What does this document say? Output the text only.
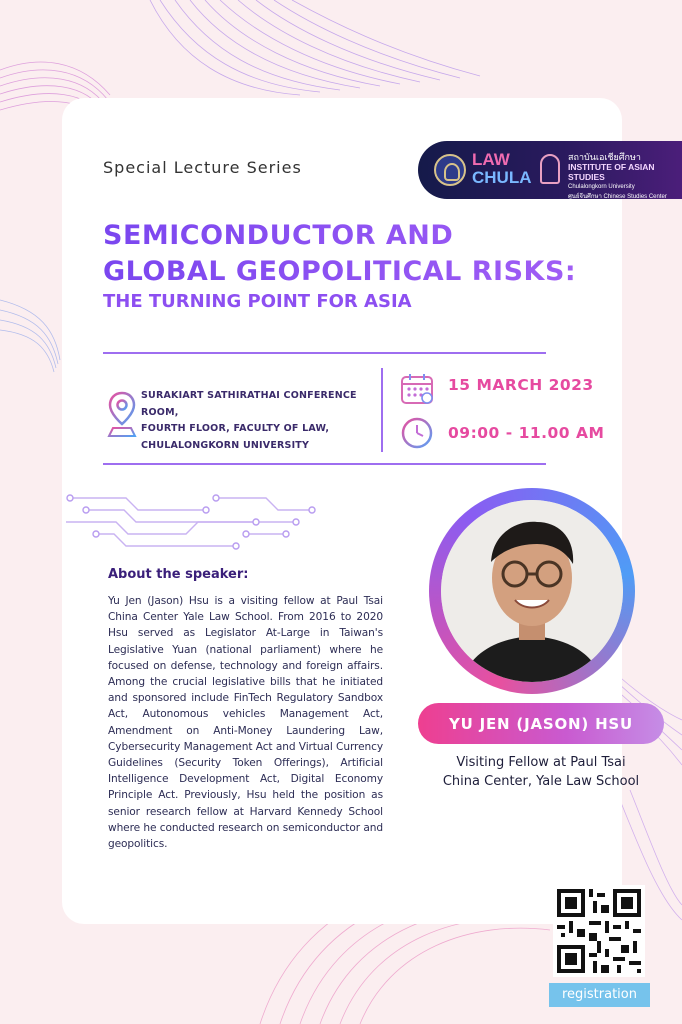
Special Lecture Series	LAW
CHULA
สถาบันเอเชียศึกษา
INSTITUTE OF ASIAN STUDIES
Chulalongkorn University
ศูนย์จีนศึกษา Chinese Studies Center
SEMICONDUCTOR AND
GLOBAL GEOPOLITICAL RISKS:
THE TURNING POINT FOR ASIA
SURAKIART SATHIRATHAI CONFERENCE ROOM,
FOURTH FLOOR, FACULTY OF LAW,
CHULALONGKORN UNIVERSITY
15 MARCH 2023
09:00 - 11.00 AM
About the speaker:
Yu Jen (Jason) Hsu is a visiting fellow at Paul Tsai China Center Yale Law School. From 2016 to 2020 Hsu served as Legislator At-Large in Taiwan's Legislative Yuan (national parliament) where he focused on defense, technology and foreign affairs. Among the crucial legislative bills that he initiated and sponsored include FinTech Regulatory Sandbox Act, Autonomous vehicles Management Act, Amendment on Anti-Money Laundering Law, Cybersecurity Management Act and Virtual Currency Guidelines (Security Token Offerings), Artificial Intelligence Development Act, Digital Economy Principle Act. Previously, Hsu held the position as senior research fellow at Harvard Kennedy School where he conducted research on semiconductor and geopolitics.
YU JEN (JASON) HSU
Visiting Fellow at Paul Tsai
China Center, Yale Law School
registration
